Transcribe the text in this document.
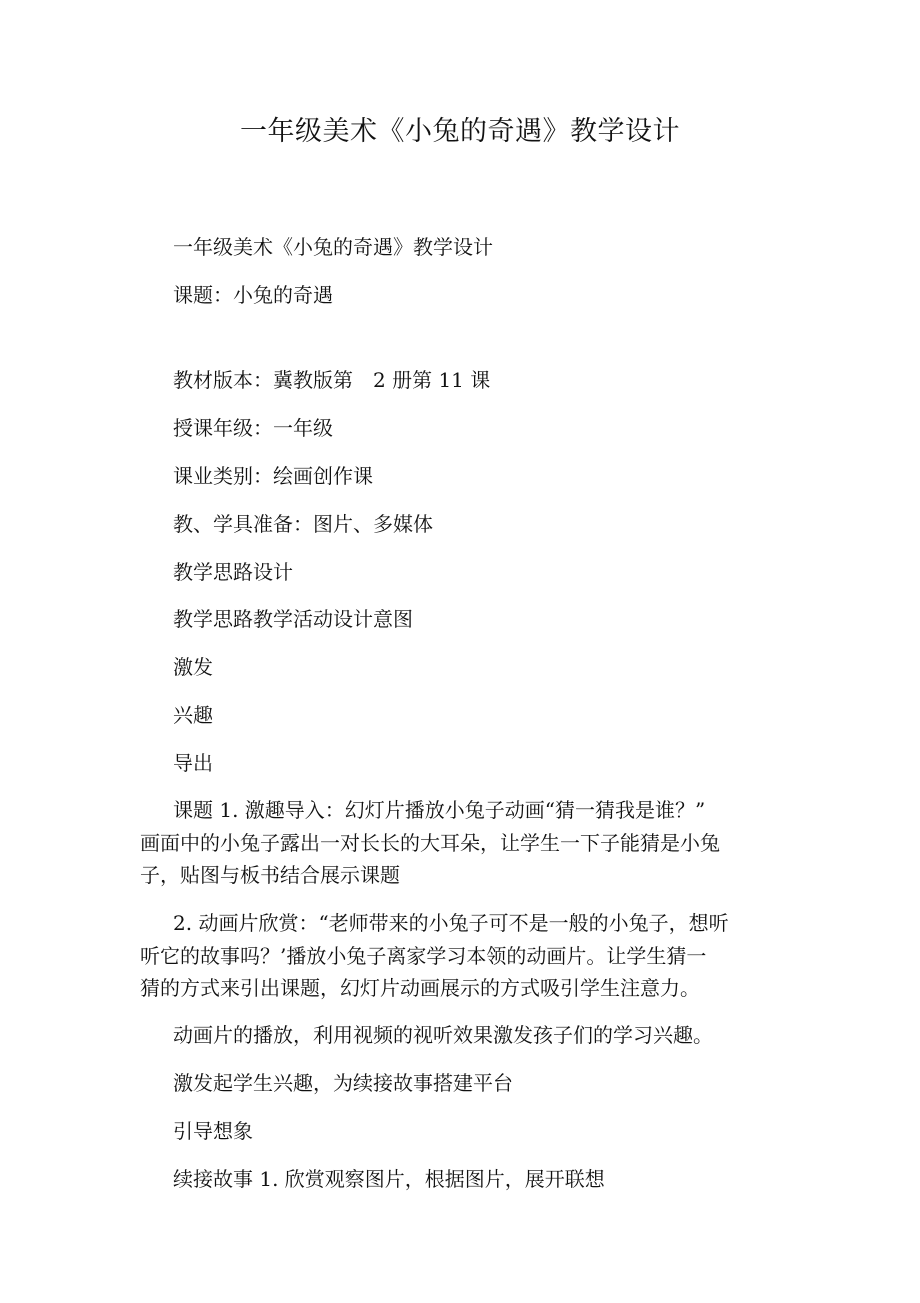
一年级美术《小兔的奇遇》教学设计

一年级美术《小兔的奇遇》教学设计

课题：小兔的奇遇

教材版本：冀教版第　2 册第 11 课

授课年级：一年级

课业类别：绘画创作课

教、学具准备：图片、多媒体

教学思路设计

教学思路教学活动设计意图

激发

兴趣

导出

课题 1. 激趣导入：幻灯片播放小兔子动画“猜一猜我是谁？”
画面中的小兔子露出一对长长的大耳朵，让学生一下子能猜是小兔
子，贴图与板书结合展示课题
2. 动画片欣赏：“老师带来的小兔子可不是一般的小兔子，想听
听它的故事吗？’播放小兔子离家学习本领的动画片。让学生猜一
猜的方式来引出课题，幻灯片动画展示的方式吸引学生注意力。

动画片的播放，利用视频的视听效果激发孩子们的学习兴趣。

激发起学生兴趣，为续接故事搭建平台

引导想象

续接故事 1. 欣赏观察图片，根据图片，展开联想
